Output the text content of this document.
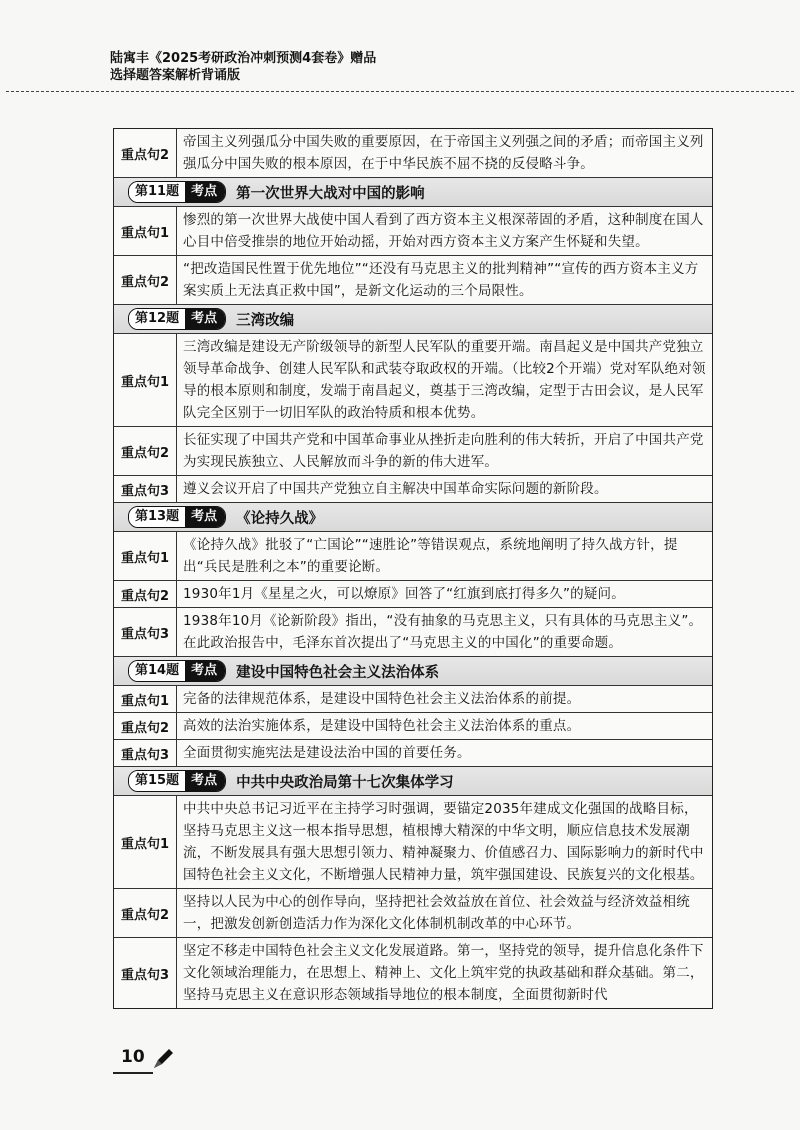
陆寓丰《2025考研政治冲刺预测4套卷》赠品
选择题答案解析背诵版
重点句2
帝国主义列强瓜分中国失败的重要原因，在于帝国主义列强之间的矛盾；而帝国主义列强瓜分中国失败的根本原因，在于中华民族不屈不挠的反侵略斗争。
第11题 考点	第一次世界大战对中国的影响
重点句1
惨烈的第一次世界大战使中国人看到了西方资本主义根深蒂固的矛盾，这种制度在国人心目中倍受推崇的地位开始动摇，开始对西方资本主义方案产生怀疑和失望。
重点句2
“把改造国民性置于优先地位”“还没有马克思主义的批判精神”“宣传的西方资本主义方案实质上无法真正救中国”，是新文化运动的三个局限性。
第12题 考点	三湾改编
重点句1
三湾改编是建设无产阶级领导的新型人民军队的重要开端。南昌起义是中国共产党独立领导革命战争、创建人民军队和武装夺取政权的开端。（比较2个开端）党对军队绝对领导的根本原则和制度，发端于南昌起义，奠基于三湾改编，定型于古田会议，是人民军队完全区别于一切旧军队的政治特质和根本优势。
重点句2
长征实现了中国共产党和中国革命事业从挫折走向胜利的伟大转折，开启了中国共产党为实现民族独立、人民解放而斗争的新的伟大进军。
重点句3	遵义会议开启了中国共产党独立自主解决中国革命实际问题的新阶段。
第13题 考点	《论持久战》
重点句1
《论持久战》批驳了“亡国论”“速胜论”等错误观点，系统地阐明了持久战方针，提出“兵民是胜利之本”的重要论断。
重点句2	1930年1月《星星之火，可以燎原》回答了“红旗到底打得多久”的疑问。
重点句3
1938年10月《论新阶段》指出，“没有抽象的马克思主义，只有具体的马克思主义”。在此政治报告中，毛泽东首次提出了“马克思主义的中国化”的重要命题。
第14题 考点	建设中国特色社会主义法治体系
重点句1	完备的法律规范体系，是建设中国特色社会主义法治体系的前提。
重点句2	高效的法治实施体系，是建设中国特色社会主义法治体系的重点。
重点句3	全面贯彻实施宪法是建设法治中国的首要任务。
第15题 考点	中共中央政治局第十七次集体学习
重点句1
中共中央总书记习近平在主持学习时强调，要锚定2035年建成文化强国的战略目标，坚持马克思主义这一根本指导思想，植根博大精深的中华文明，顺应信息技术发展潮流，不断发展具有强大思想引领力、精神凝聚力、价值感召力、国际影响力的新时代中国特色社会主义文化，不断增强人民精神力量，筑牢强国建设、民族复兴的文化根基。
重点句2
坚持以人民为中心的创作导向，坚持把社会效益放在首位、社会效益与经济效益相统一，把激发创新创造活力作为深化文化体制机制改革的中心环节。
重点句3
坚定不移走中国特色社会主义文化发展道路。第一，坚持党的领导，提升信息化条件下文化领域治理能力，在思想上、精神上、文化上筑牢党的执政基础和群众基础。第二，坚持马克思主义在意识形态领域指导地位的根本制度，全面贯彻新时代
10
